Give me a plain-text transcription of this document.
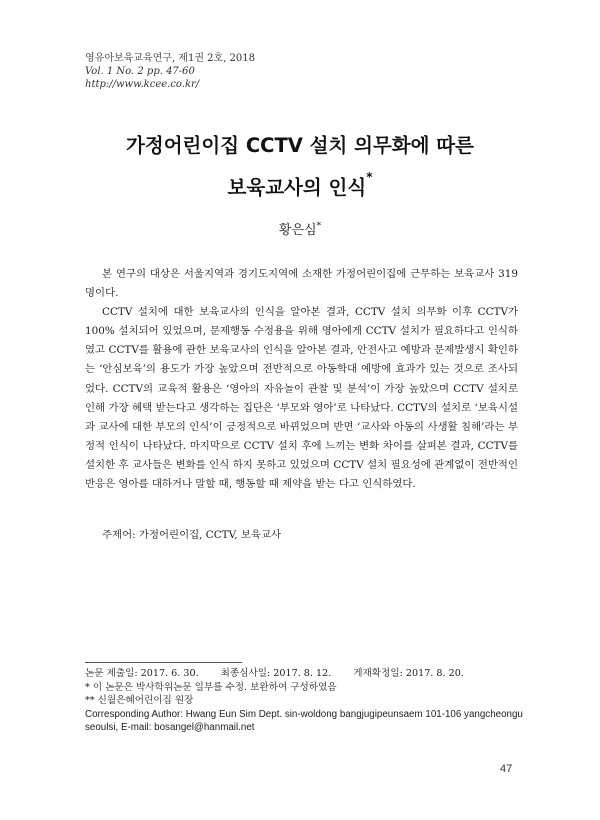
영유아보육교육연구, 제1권 2호, 2018
Vol. 1 No. 2 pp. 47-60
http://www.kcee.co.kr/
가정어린이집 CCTV 설치 의무화에 따른
보육교사의 인식*
황은심*

본 연구의 대상은 서울지역과 경기도지역에 소재한 가정어린이집에 근무하는 보육교사 319명이다.

CCTV 설치에 대한 보육교사의 인식을 알아본 결과, CCTV 설치 의무화 이후 CCTV가 100% 설치되어 있었으며, 문제행동 수정용을 위해 영아에게 CCTV 설치가 필요하다고 인식하였고 CCTV를 활용에 관한 보육교사의 인식을 알아본 결과, 안전사고 예방과 문제발생시 확인하는 ‘안심보육’의 용도가 가장 높았으며 전반적으로 아동학대 예방에 효과가 있는 것으로 조사되었다. CCTV의 교육적 활용은 ‘영아의 자유놀이 관찰 및 분석’이 가장 높았으며 CCTV 설치로 인해 가장 혜택 받는다고 생각하는 집단은 ‘부모와 영아’로 나타났다. CCTV의 설치로 ‘보육시설과 교사에 대한 부모의 인식’이 긍정적으로 바뀌었으며 반면 ‘교사와 아동의 사생활 침해’라는 부정적 인식이 나타났다. 마지막으로 CCTV 설치 후에 느끼는 변화 차이를 살펴본 결과, CCTV를 설치한 후 교사들은 변화를 인식 하지 못하고 있었으며 CCTV 설치 필요성에 관계없이 전반적인 반응은 영아를 대하거나 말할 때, 행동할 때 제약을 받는 다고 인식하였다.

주제어: 가정어린이집, CCTV, 보육교사
논문 제출일: 2017. 6. 30. 최종심사일: 2017. 8. 12. 게재확정일: 2017. 8. 20.
* 이 논문은 박사학위논문 일부를 수정. 보완하여 구성하였음
** 신월은혜어린이집 원장
Corresponding Author: Hwang Eun Sim Dept. sin-woldong bangjugipeunsaem 101-106 yangcheongu seoulsi, E-mail: bosangel@hanmail.net
47
